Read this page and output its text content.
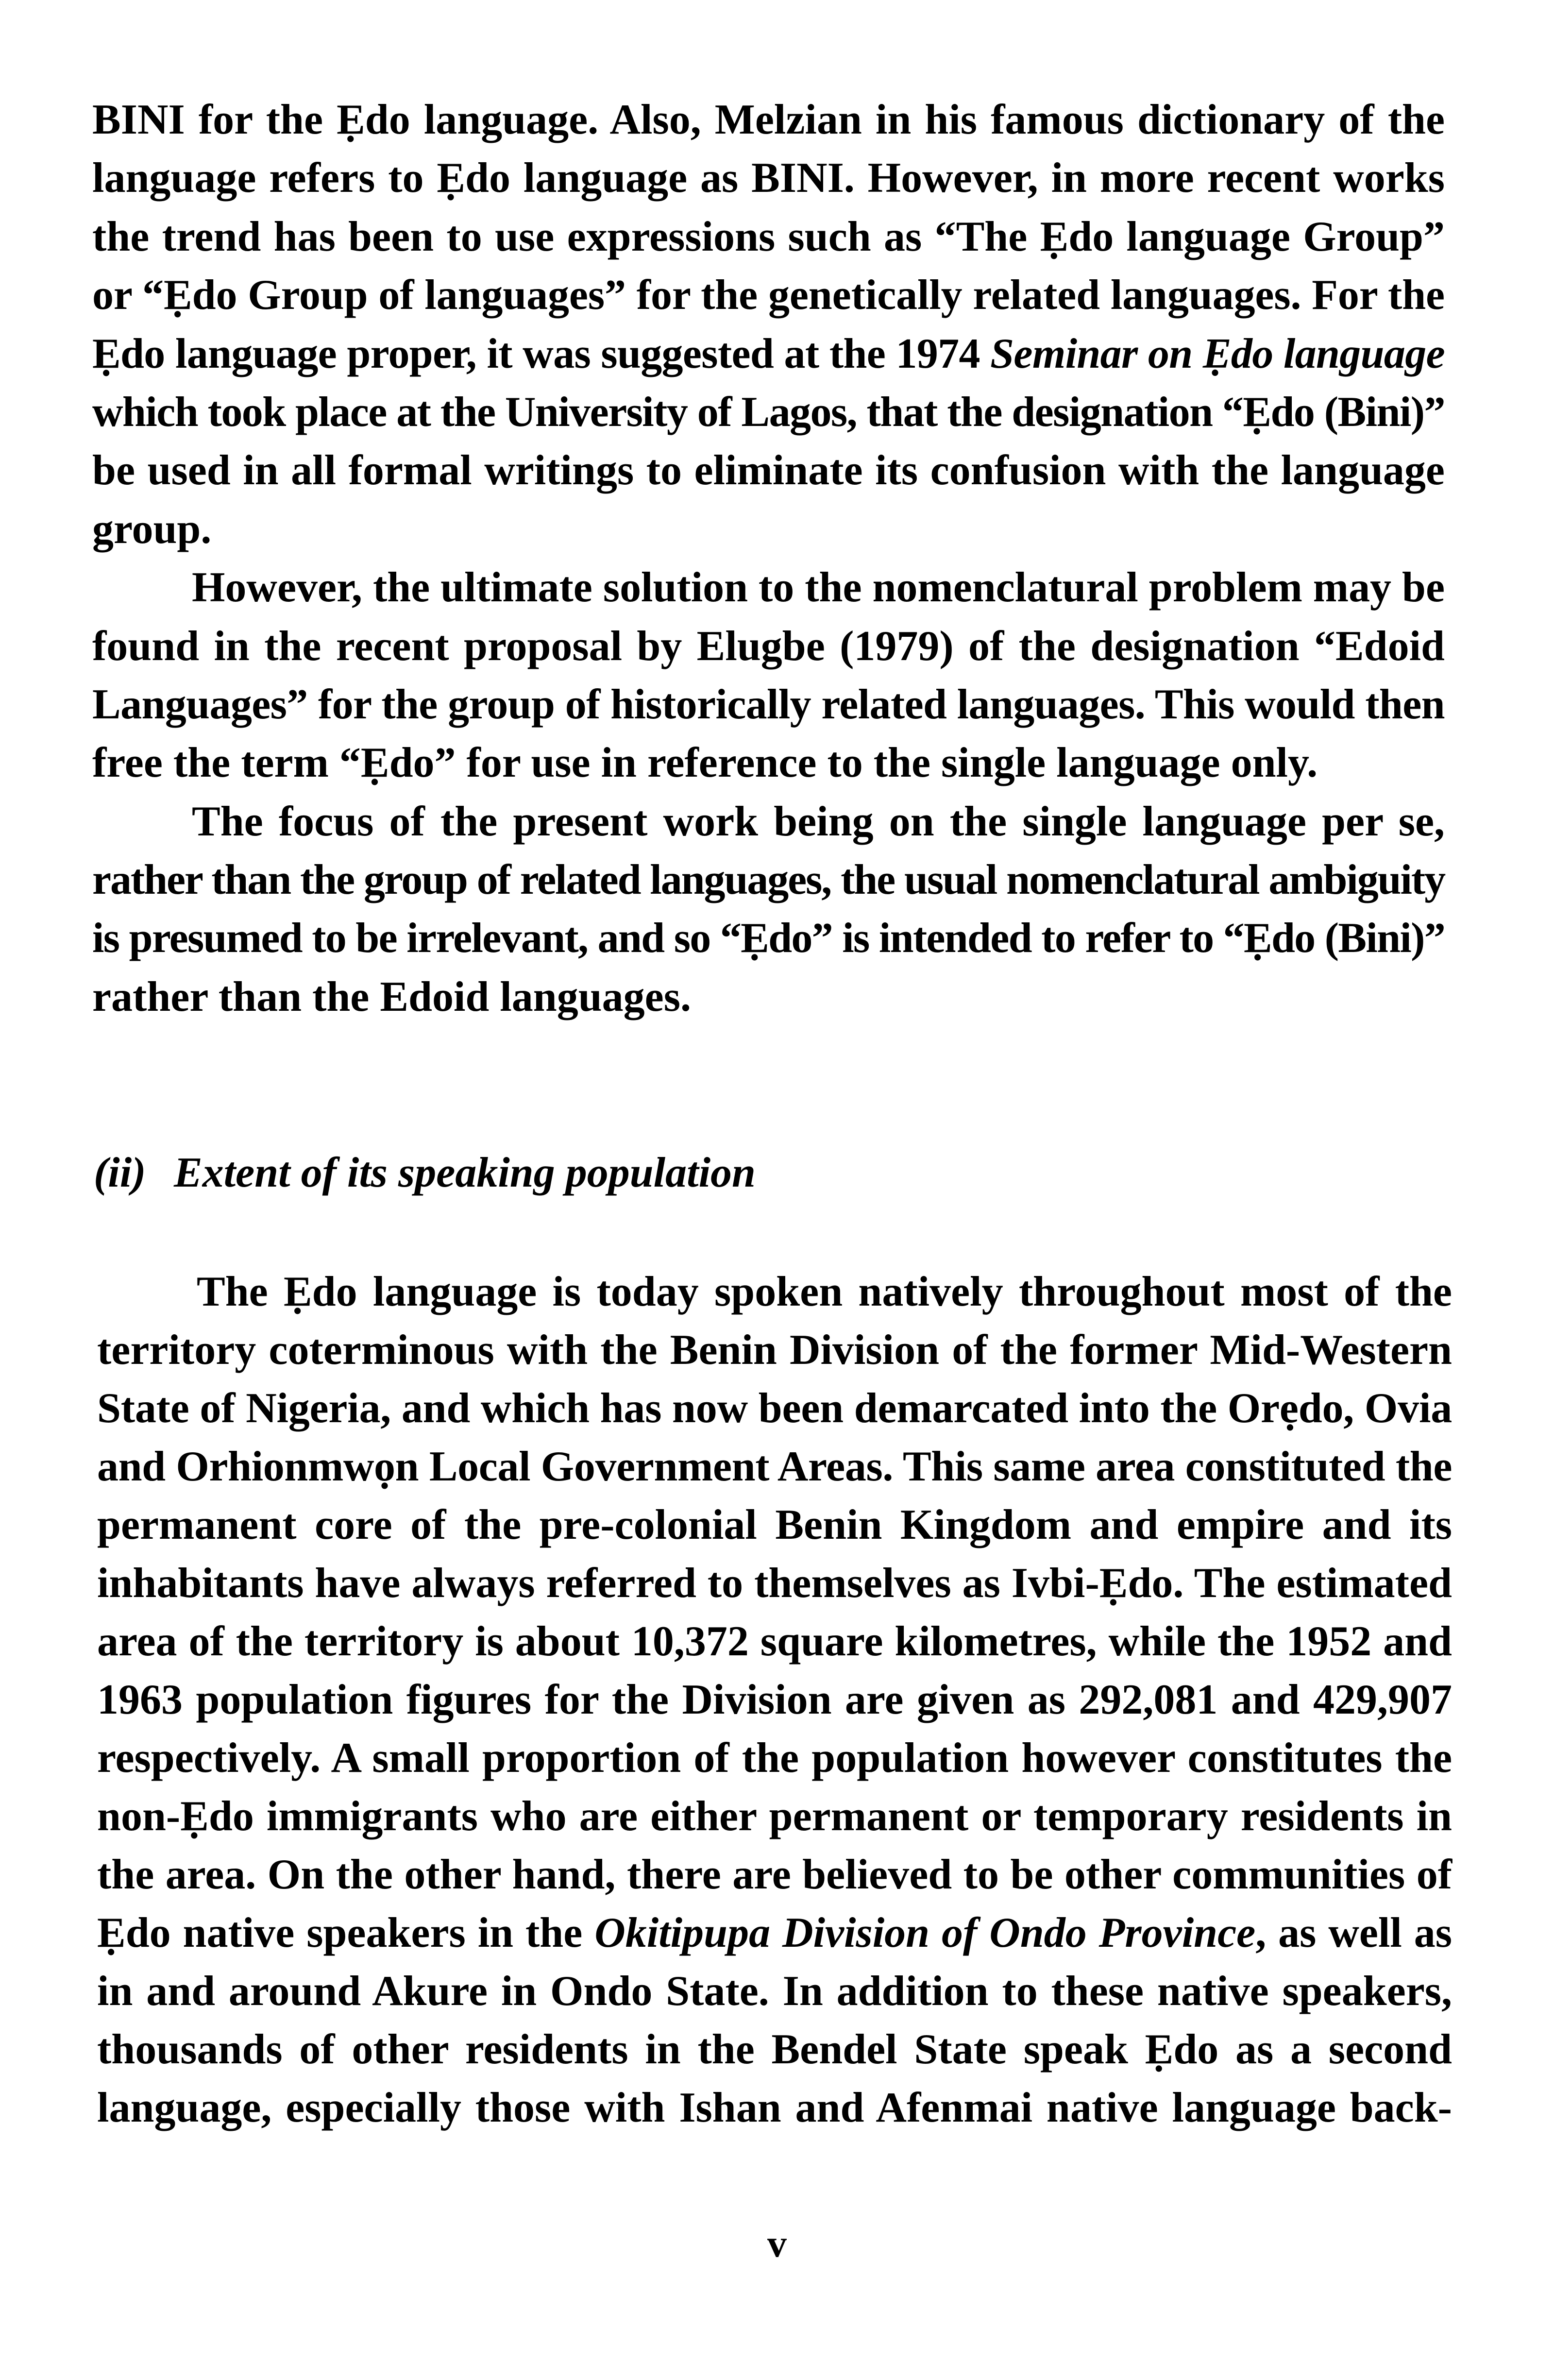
BINI for the Ẹdo language. Also, Melzian in his famous dictionary of the
language refers to Ẹdo language as BINI. However, in more recent works
the trend has been to use expressions such as “The Ẹdo language Group”
or “Ẹdo Group of languages” for the genetically related languages. For the
Ẹdo language proper, it was suggested at the 1974 Seminar on Ẹdo language
which took place at the University of Lagos, that the designation “Ẹdo (Bini)”
be used in all formal writings to eliminate its confusion with the language
group.
However, the ultimate solution to the nomenclatural problem may be
found in the recent proposal by Elugbe (1979) of the designation “Edoid
Languages” for the group of historically related languages. This would then
free the term “Ẹdo” for use in reference to the single language only.
The focus of the present work being on the single language per se,
rather than the group of related languages, the usual nomenclatural ambiguity
is presumed to be irrelevant, and so “Ẹdo” is intended to refer to “Ẹdo (Bini)”
rather than the Edoid languages.
(ii) Extent of its speaking population
The Ẹdo language is today spoken natively throughout most of the
territory coterminous with the Benin Division of the former Mid-Western
State of Nigeria, and which has now been demarcated into the Orẹdo, Ovia
and Orhionmwọn Local Government Areas. This same area constituted the
permanent core of the pre-colonial Benin Kingdom and empire and its
inhabitants have always referred to themselves as Ivbi-Ẹdo. The estimated
area of the territory is about 10,372 square kilometres, while the 1952 and
1963 population figures for the Division are given as 292,081 and 429,907
respectively. A small proportion of the population however constitutes the
non-Ẹdo immigrants who are either permanent or temporary residents in
the area. On the other hand, there are believed to be other communities of
Ẹdo native speakers in the Okitipupa Division of Ondo Province, as well as
in and around Akure in Ondo State. In addition to these native speakers,
thousands of other residents in the Bendel State speak Ẹdo as a second
language, especially those with Ishan and Afenmai native language back-
v
